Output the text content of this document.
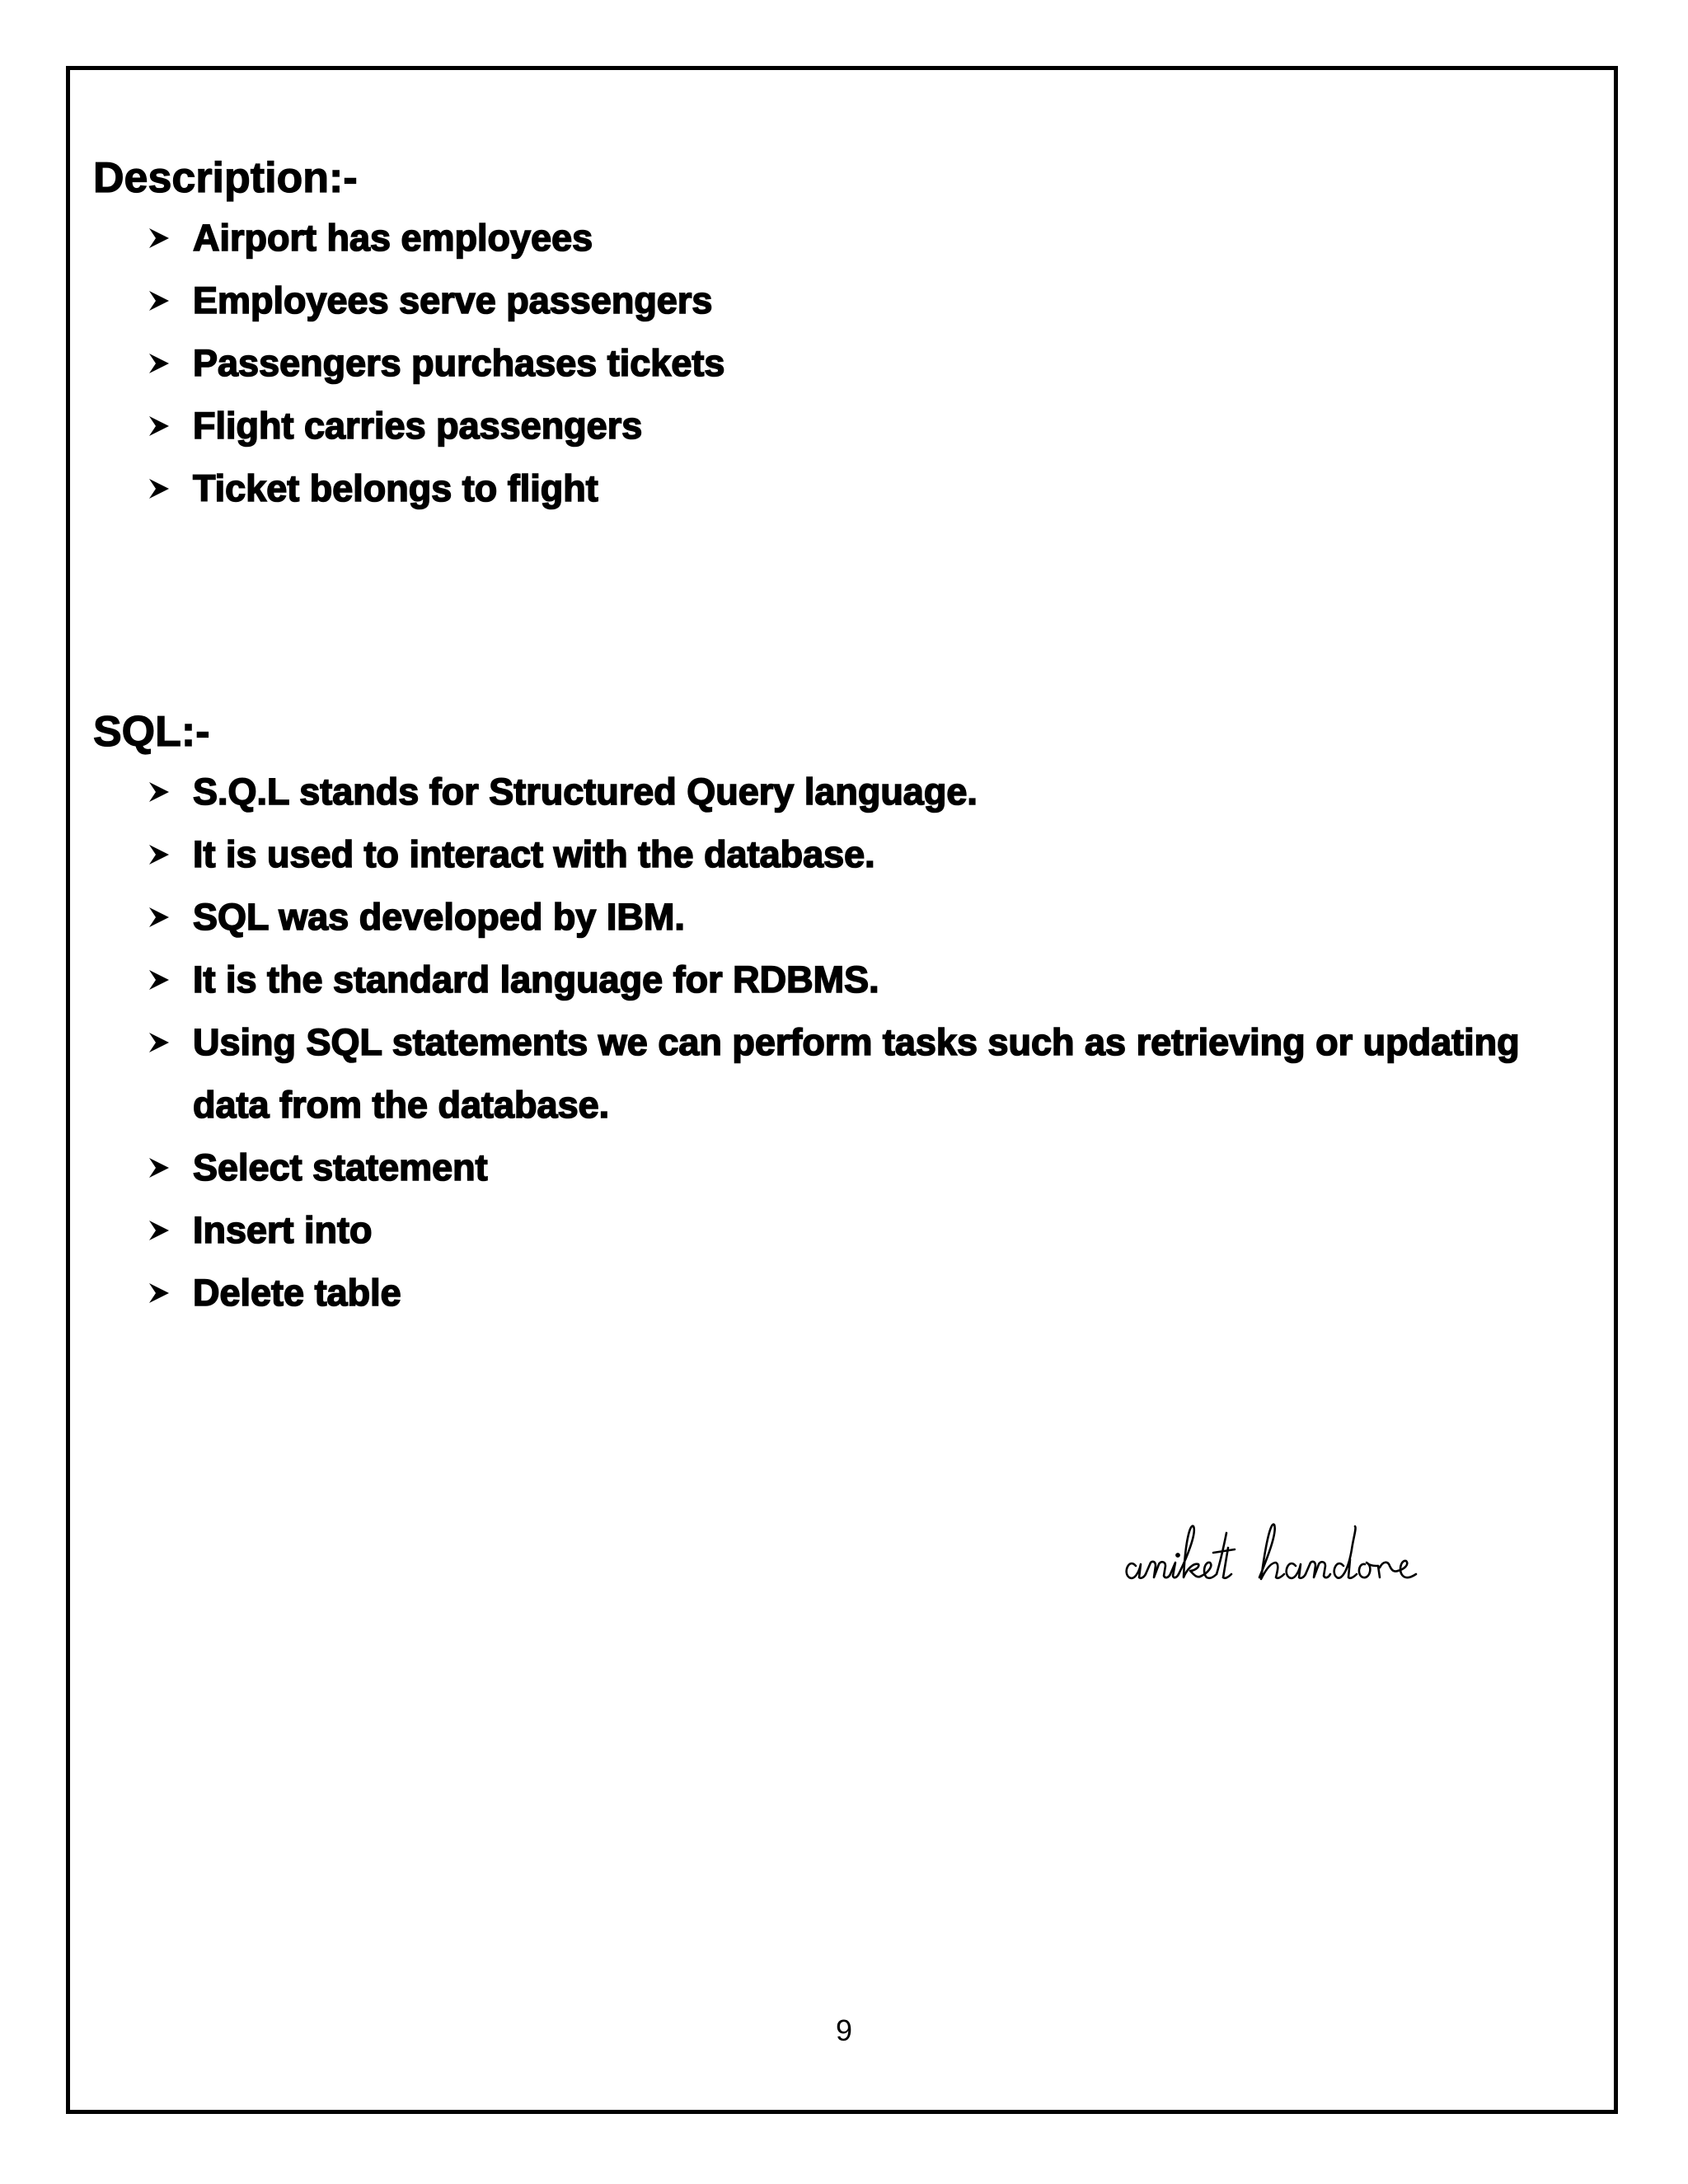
Description:-
Airport has employees
Employees serve passengers
Passengers purchases tickets
Flight carries passengers
Ticket belongs to flight
SQL:-
S.Q.L stands for Structured Query language.
It is used to interact with the database.
SQL was developed by IBM.
It is the standard language for RDBMS.
Using SQL statements we can perform tasks such as retrieving or updating data from the database.
Select statement
Insert into
Delete table
9
